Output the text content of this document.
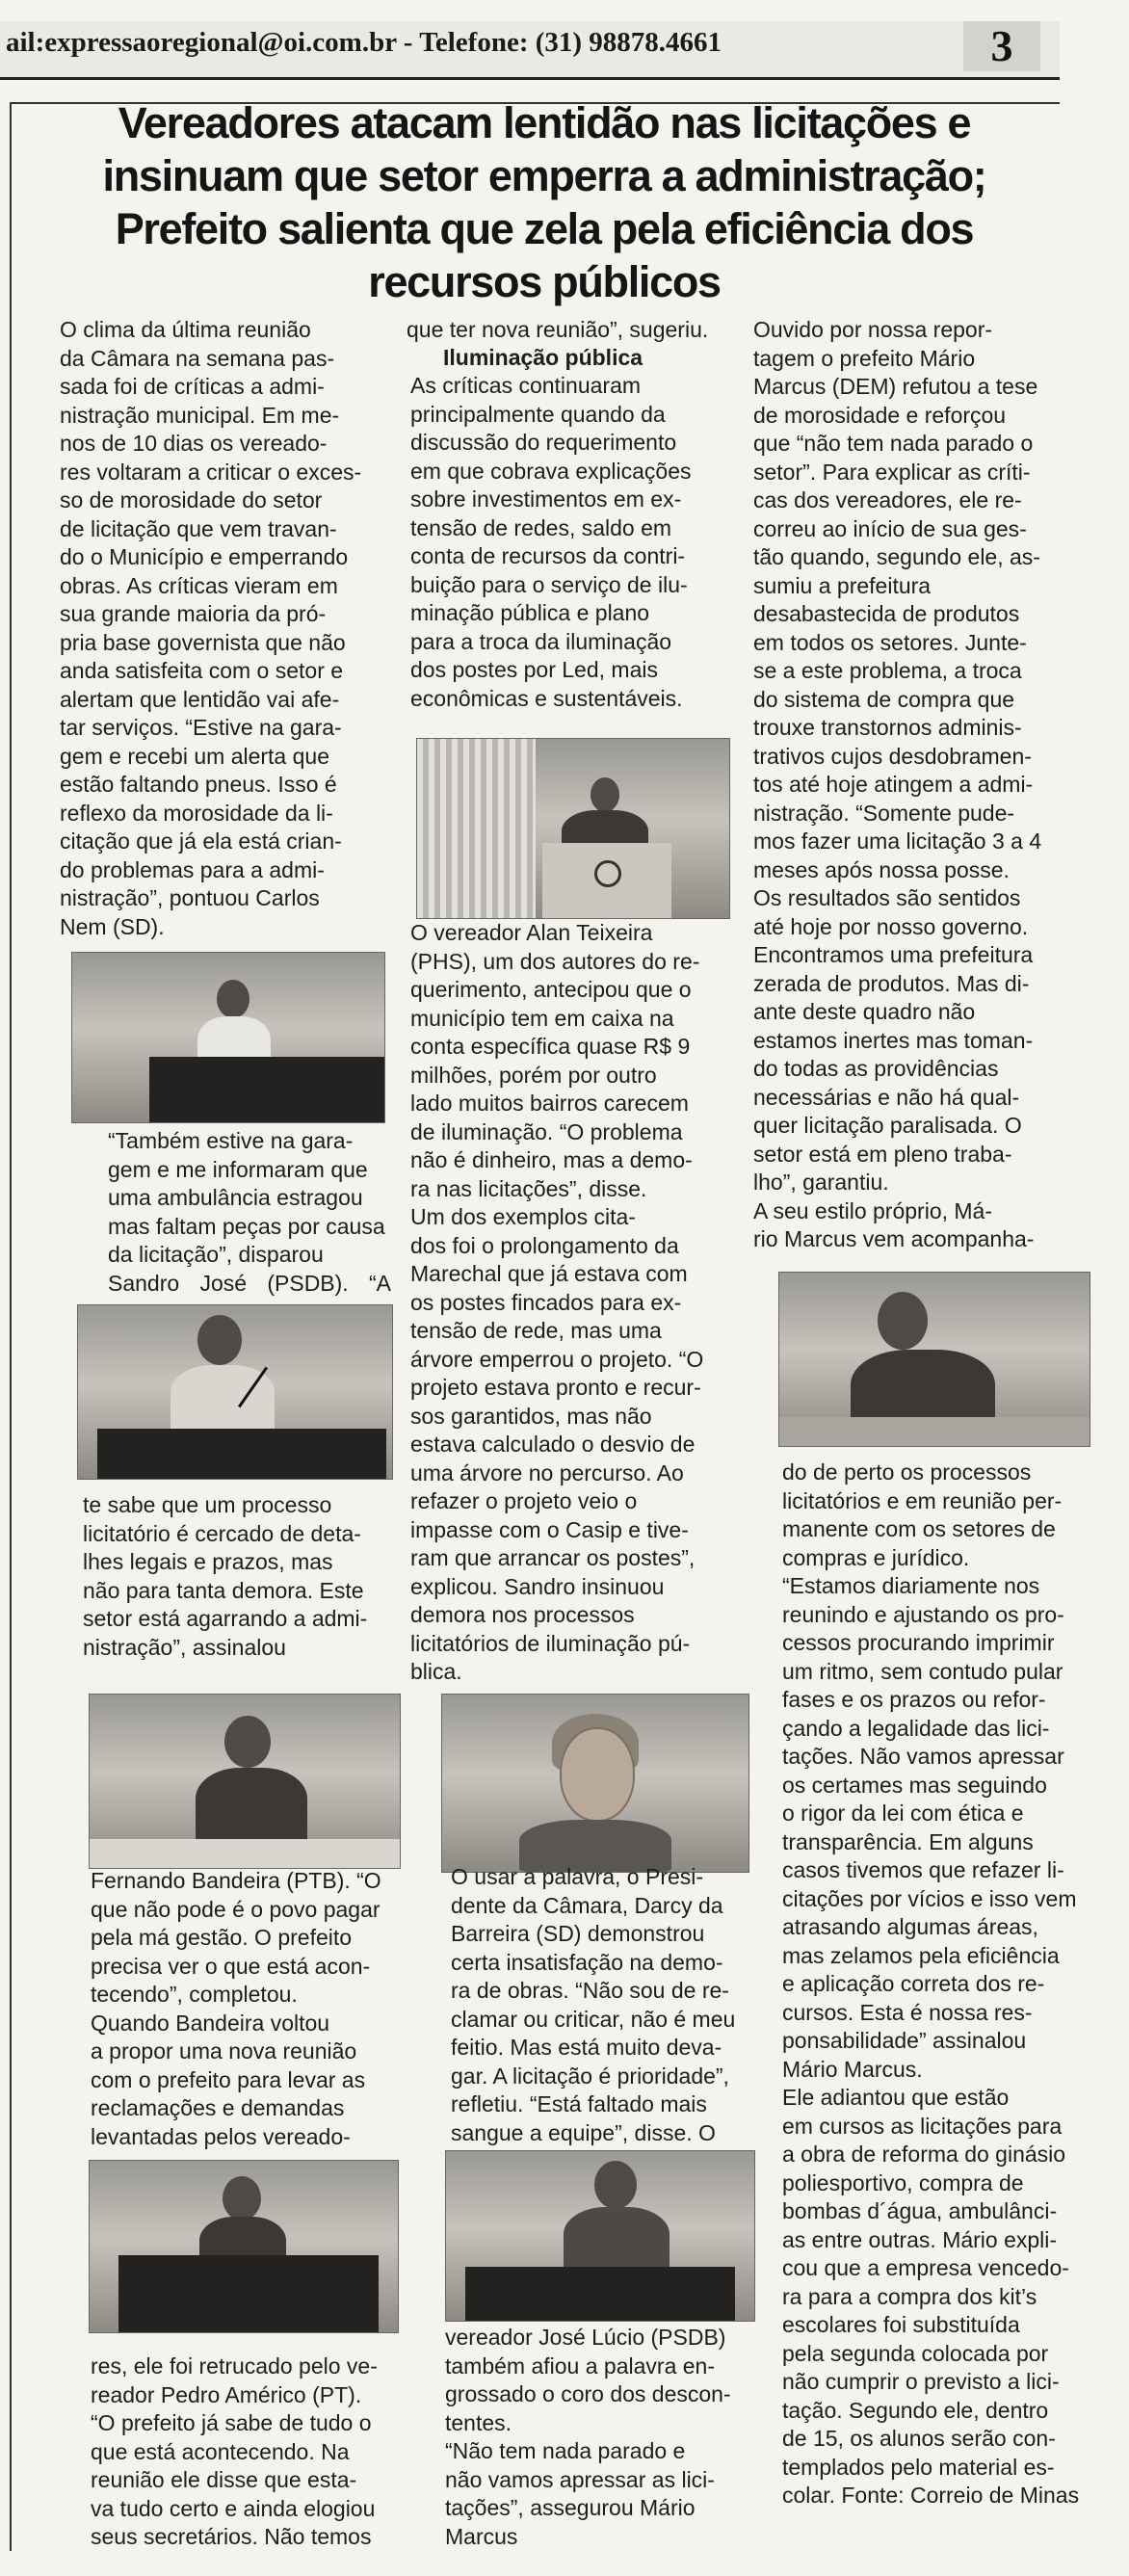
ail:expressaoregional@oi.com.br - Telefone: (31) 98878.4661	3
Vereadores atacam lentidão nas licitações e insinuam que setor emperra a administração; Prefeito salienta que zela pela eficiência dos recursos públicos

O clima da última reunião
da Câmara na semana pas-
sada foi de críticas a admi-
nistração municipal. Em me-
nos de 10 dias os vereado-
res voltaram a criticar o exces-
so de morosidade do setor
de licitação que vem travan-
do o Município e emperrando
obras. As críticas vieram em
sua grande maioria da pró-
pria base governista que não
anda satisfeita com o setor e
alertam que lentidão vai afe-
tar serviços. “Estive na gara-
gem e recebi um alerta que
estão faltando pneus. Isso é
reflexo da morosidade da li-
citação que já ela está crian-
do problemas para a admi-
nistração”, pontuou Carlos
Nem (SD).

“Também estive na gara-
gem e me informaram que
uma ambulância estragou
mas faltam peças por causa
da licitação”, disparou
Sandro José (PSDB). “A

te sabe que um processo
licitatório é cercado de deta-
lhes legais e prazos, mas
não para tanta demora. Este
setor está agarrando a admi-
nistração”, assinalou

Fernando Bandeira (PTB). “O
que não pode é o povo pagar
pela má gestão. O prefeito
precisa ver o que está acon-
tecendo”, completou.
Quando Bandeira voltou
a propor uma nova reunião
com o prefeito para levar as
reclamações e demandas
levantadas pelos vereado-

res, ele foi retrucado pelo ve-
reador Pedro Américo (PT).
“O prefeito já sabe de tudo o
que está acontecendo. Na
reunião ele disse que esta-
va tudo certo e ainda elogiou
seus secretários. Não temos

que ter nova reunião”, sugeriu.

Iluminação pública

As críticas continuaram
principalmente quando da
discussão do requerimento
em que cobrava explicações
sobre investimentos em ex-
tensão de redes, saldo em
conta de recursos da contri-
buição para o serviço de ilu-
minação pública e plano
para a troca da iluminação
dos postes por Led, mais
econômicas e sustentáveis.

O vereador Alan Teixeira
(PHS), um dos autores do re-
querimento, antecipou que o
município tem em caixa na
conta específica quase R$ 9
milhões, porém por outro
lado muitos bairros carecem
de iluminação. “O problema
não é dinheiro, mas a demo-
ra nas licitações”, disse.
Um dos exemplos cita-
dos foi o prolongamento da
Marechal que já estava com
os postes fincados para ex-
tensão de rede, mas uma
árvore emperrou o projeto. “O
projeto estava pronto e recur-
sos garantidos, mas não
estava calculado o desvio de
uma árvore no percurso. Ao
refazer o projeto veio o
impasse com o Casip e tive-
ram que arrancar os postes”,
explicou. Sandro insinuou
demora nos processos
licitatórios de iluminação pú-
blica.

O usar a palavra, o Presi-
dente da Câmara, Darcy da
Barreira (SD) demonstrou
certa insatisfação na demo-
ra de obras. “Não sou de re-
clamar ou criticar, não é meu
feitio. Mas está muito deva-
gar. A licitação é prioridade”,
refletiu. “Está faltado mais
sangue a equipe”, disse. O

vereador José Lúcio (PSDB)
também afiou a palavra en-
grossado o coro dos descon-
tentes.
“Não tem nada parado e
não vamos apressar as lici-
tações”, assegurou Mário
Marcus

Ouvido por nossa repor-
tagem o prefeito Mário
Marcus (DEM) refutou a tese
de morosidade e reforçou
que “não tem nada parado o
setor”. Para explicar as críti-
cas dos vereadores, ele re-
correu ao início de sua ges-
tão quando, segundo ele, as-
sumiu a prefeitura
desabastecida de produtos
em todos os setores. Junte-
se a este problema, a troca
do sistema de compra que
trouxe transtornos adminis-
trativos cujos desdobramen-
tos até hoje atingem a admi-
nistração. “Somente pude-
mos fazer uma licitação 3 a 4
meses após nossa posse.
Os resultados são sentidos
até hoje por nosso governo.
Encontramos uma prefeitura
zerada de produtos. Mas di-
ante deste quadro não
estamos inertes mas toman-
do todas as providências
necessárias e não há qual-
quer licitação paralisada. O
setor está em pleno traba-
lho”, garantiu.
A seu estilo próprio, Má-
rio Marcus vem acompanha-

do de perto os processos
licitatórios e em reunião per-
manente com os setores de
compras e jurídico.
“Estamos diariamente nos
reunindo e ajustando os pro-
cessos procurando imprimir
um ritmo, sem contudo pular
fases e os prazos ou refor-
çando a legalidade das lici-
tações. Não vamos apressar
os certames mas seguindo
o rigor da lei com ética e
transparência. Em alguns
casos tivemos que refazer li-
citações por vícios e isso vem
atrasando algumas áreas,
mas zelamos pela eficiência
e aplicação correta dos re-
cursos. Esta é nossa res-
ponsabilidade” assinalou
Mário Marcus.
Ele adiantou que estão
em cursos as licitações para
a obra de reforma do ginásio
poliesportivo, compra de
bombas d´água, ambulânci-
as entre outras. Mário expli-
cou que a empresa vencedo-
ra para a compra dos kit’s
escolares foi substituída
pela segunda colocada por
não cumprir o previsto a lici-
tação. Segundo ele, dentro
de 15, os alunos serão con-
templados pelo material es-
colar. Fonte: Correio de Minas
